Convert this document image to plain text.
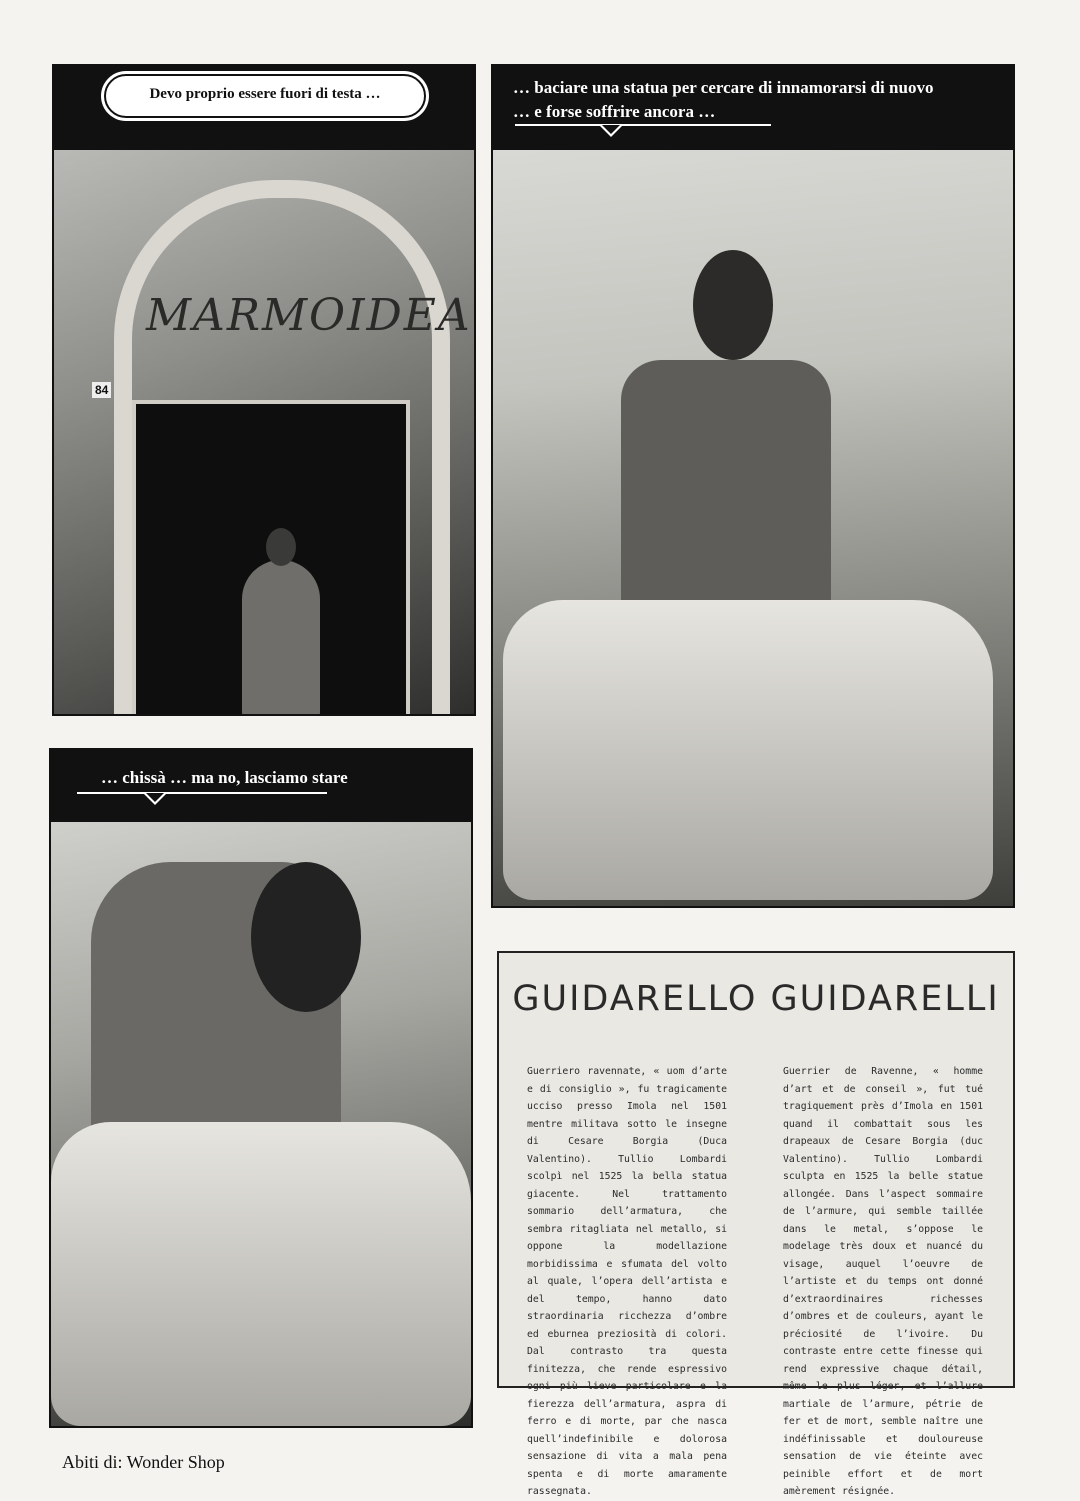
Devo proprio essere fuori di testa …
MARMOIDEA
84
… baciare una statua per cercare di innamorarsi di nuovo
… e forse soffrire ancora …
… chissà … ma no, lasciamo stare
GUIDARELLO GUIDARELLI
Guerriero ravennate, « uom d’arte e di consiglio », fu tragicamente ucciso presso Imola nel 1501 mentre militava sotto le insegne di Cesare Borgia (Duca Valentino). Tullio Lombardi scolpì nel 1525 la bella statua giacente. Nel trattamento sommario dell’armatura, che sembra ritagliata nel metallo, si oppone la modellazione morbidissima e sfumata del volto al quale, l’opera dell’artista e del tempo, hanno dato straordinaria ricchezza d’ombre ed eburnea preziosità di colori. Dal contrasto tra questa finitezza, che rende espressivo ogni più lieve particolare e la fierezza dell’armatura, aspra di ferro e di morte, par che nasca quell’indefinibile e dolorosa sensazione di vita a mala pena spenta e di morte amaramente rassegnata.
Guerrier de Ravenne, « homme d’art et de conseil », fut tué tragiquement près d’Imola en 1501 quand il combattait sous les drapeaux de Cesare Borgia (duc Valentino). Tullio Lombardi sculpta en 1525 la belle statue allongée. Dans l’aspect sommaire de l’armure, qui semble taillée dans le metal, s’oppose le modelage très doux et nuancé du visage, auquel l’oeuvre de l’artiste et du temps ont donné d’extraordinaires richesses d’ombres et de couleurs, ayant le préciosité de l’ivoire. Du contraste entre cette finesse qui rend expressive chaque détail, même le plus léger, et l’allure martiale de l’armure, pétrie de fer et de mort, semble naître une indéfinissable et douloureuse sensation de vie éteinte avec peinible effort et de mort amèrement résignée.
Abiti di: Wonder Shop
